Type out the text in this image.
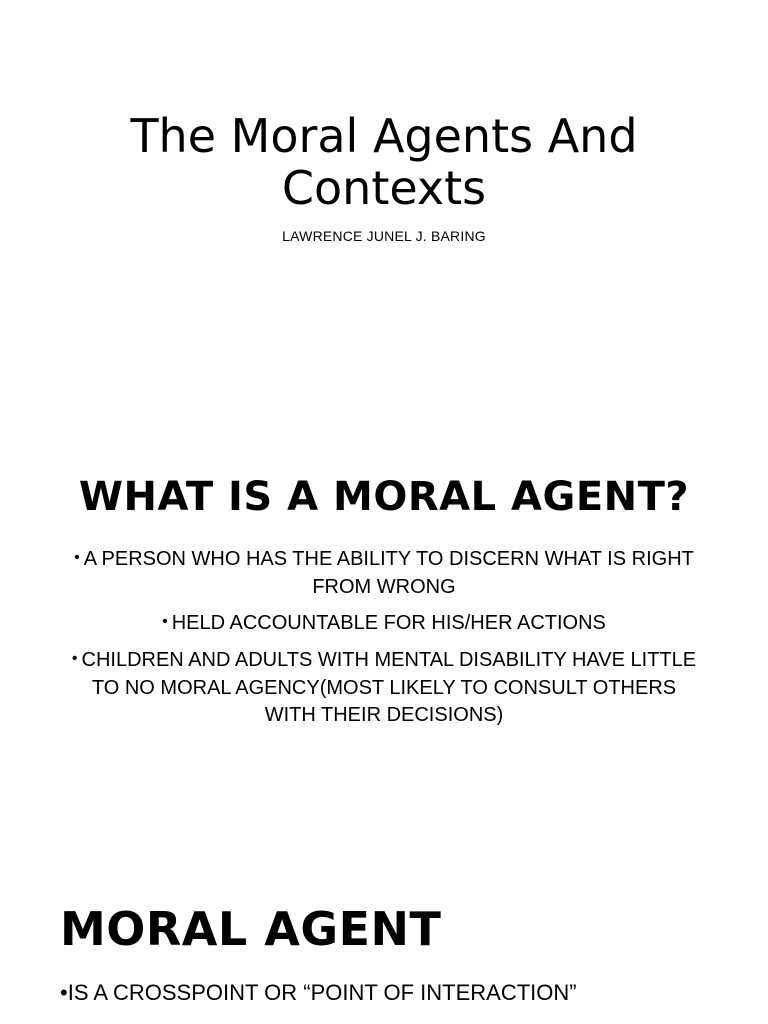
The Moral Agents And Contexts
LAWRENCE JUNEL J. BARING
WHAT IS A MORAL AGENT?
• A PERSON WHO HAS THE ABILITY TO DISCERN WHAT IS RIGHT FROM WRONG
• HELD ACCOUNTABLE FOR HIS/HER ACTIONS
• CHILDREN AND ADULTS WITH MENTAL DISABILITY HAVE LITTLE TO NO MORAL AGENCY(MOST LIKELY TO CONSULT OTHERS WITH THEIR DECISIONS)
MORAL AGENT
•IS A CROSSPOINT OR “POINT OF INTERACTION”
